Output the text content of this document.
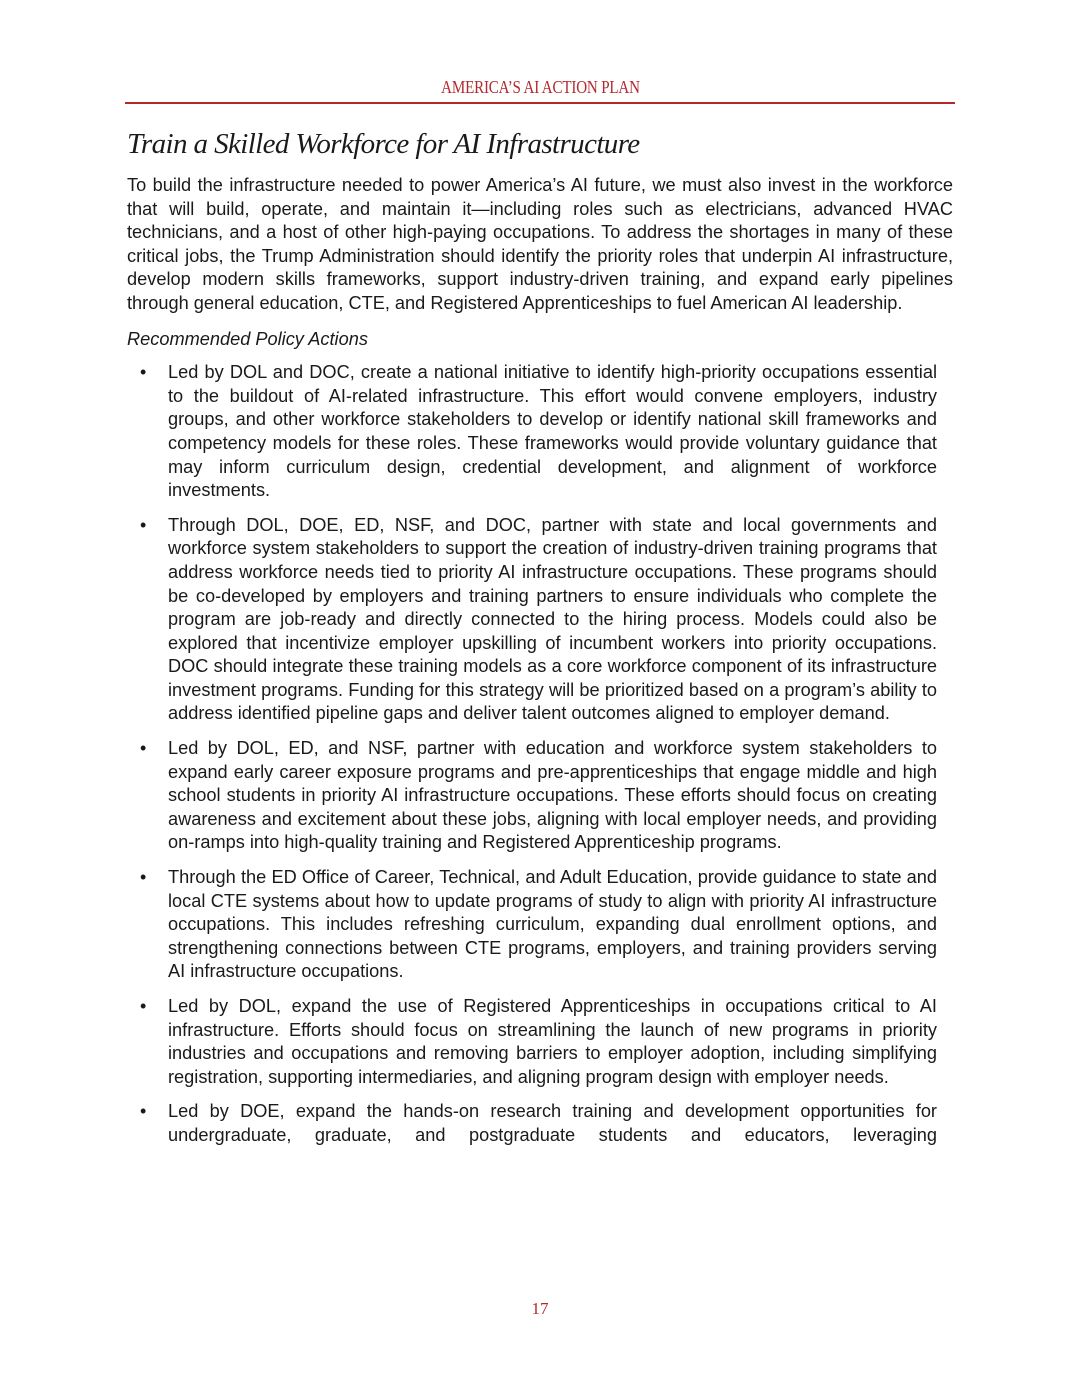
AMERICA’S AI ACTION PLAN
Train a Skilled Workforce for AI Infrastructure

To build the infrastructure needed to power America’s AI future, we must also invest in the workforce that will build, operate, and maintain it—including roles such as electricians, advanced HVAC technicians, and a host of other high-paying occupations. To address the shortages in many of these critical jobs, the Trump Administration should identify the priority roles that underpin AI infrastructure, develop modern skills frameworks, support industry-driven training, and expand early pipelines through general education, CTE, and Registered Apprenticeships to fuel American AI leadership.

Recommended Policy Actions

• Led by DOL and DOC, create a national initiative to identify high-priority occupations essential to the buildout of AI-related infrastructure. This effort would convene employers, industry groups, and other workforce stakeholders to develop or identify national skill frameworks and competency models for these roles. These frameworks would provide voluntary guidance that may inform curriculum design, credential development, and alignment of workforce investments.
• Through DOL, DOE, ED, NSF, and DOC, partner with state and local governments and workforce system stakeholders to support the creation of industry-driven training programs that address workforce needs tied to priority AI infrastructure occupations. These programs should be co-developed by employers and training partners to ensure individuals who complete the program are job-ready and directly connected to the hiring process. Models could also be explored that incentivize employer upskilling of incumbent workers into priority occupations. DOC should integrate these training models as a core workforce component of its infrastructure investment programs. Funding for this strategy will be prioritized based on a program’s ability to address identified pipeline gaps and deliver talent outcomes aligned to employer demand.
• Led by DOL, ED, and NSF, partner with education and workforce system stakeholders to expand early career exposure programs and pre-apprenticeships that engage middle and high school students in priority AI infrastructure occupations. These efforts should focus on creating awareness and excitement about these jobs, aligning with local employer needs, and providing on-ramps into high-quality training and Registered Apprenticeship programs.
• Through the ED Office of Career, Technical, and Adult Education, provide guidance to state and local CTE systems about how to update programs of study to align with priority AI infrastructure occupations. This includes refreshing curriculum, expanding dual enrollment options, and strengthening connections between CTE programs, employers, and training providers serving AI infrastructure occupations.
• Led by DOL, expand the use of Registered Apprenticeships in occupations critical to AI infrastructure. Efforts should focus on streamlining the launch of new programs in priority industries and occupations and removing barriers to employer adoption, including simplifying registration, supporting intermediaries, and aligning program design with employer needs.
• Led by DOE, expand the hands-on research training and development opportunities for undergraduate, graduate, and postgraduate students and educators, leveraging
17
